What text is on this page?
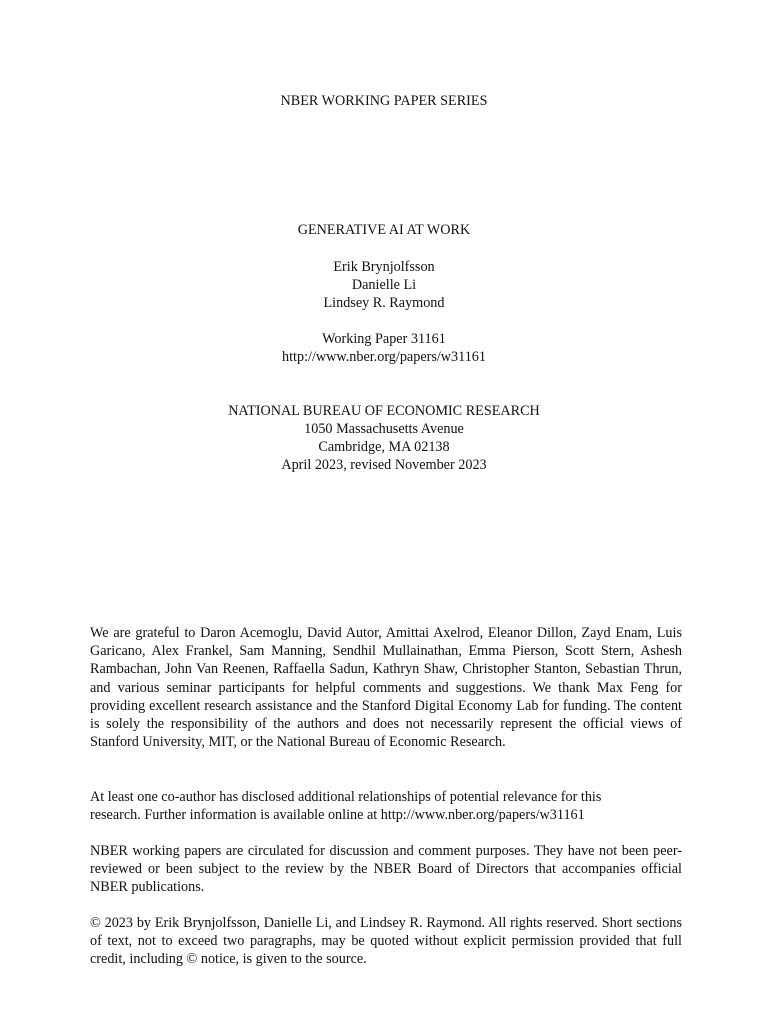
NBER WORKING PAPER SERIES
GENERATIVE AI AT WORK
Erik Brynjolfsson
Danielle Li
Lindsey R. Raymond
Working Paper 31161
http://www.nber.org/papers/w31161
NATIONAL BUREAU OF ECONOMIC RESEARCH
1050 Massachusetts Avenue
Cambridge, MA 02138
April 2023, revised November 2023

We are grateful to Daron Acemoglu, David Autor, Amittai Axelrod, Eleanor Dillon, Zayd Enam, Luis Garicano, Alex Frankel, Sam Manning, Sendhil Mullainathan, Emma Pierson, Scott Stern, Ashesh Rambachan, John Van Reenen, Raffaella Sadun, Kathryn Shaw, Christopher Stanton, Sebastian Thrun, and various seminar participants for helpful comments and suggestions. We thank Max Feng for providing excellent research assistance and the Stanford Digital Economy Lab for funding. The content is solely the responsibility of the authors and does not necessarily represent the official views of Stanford University, MIT, or the National Bureau of Economic Research.

At least one co-author has disclosed additional relationships of potential relevance for this
research. Further information is available online at http://www.nber.org/papers/w31161

NBER working papers are circulated for discussion and comment purposes. They have not been peer-reviewed or been subject to the review by the NBER Board of Directors that accompanies official NBER publications.

© 2023 by Erik Brynjolfsson, Danielle Li, and Lindsey R. Raymond. All rights reserved. Short sections of text, not to exceed two paragraphs, may be quoted without explicit permission provided that full credit, including © notice, is given to the source.
